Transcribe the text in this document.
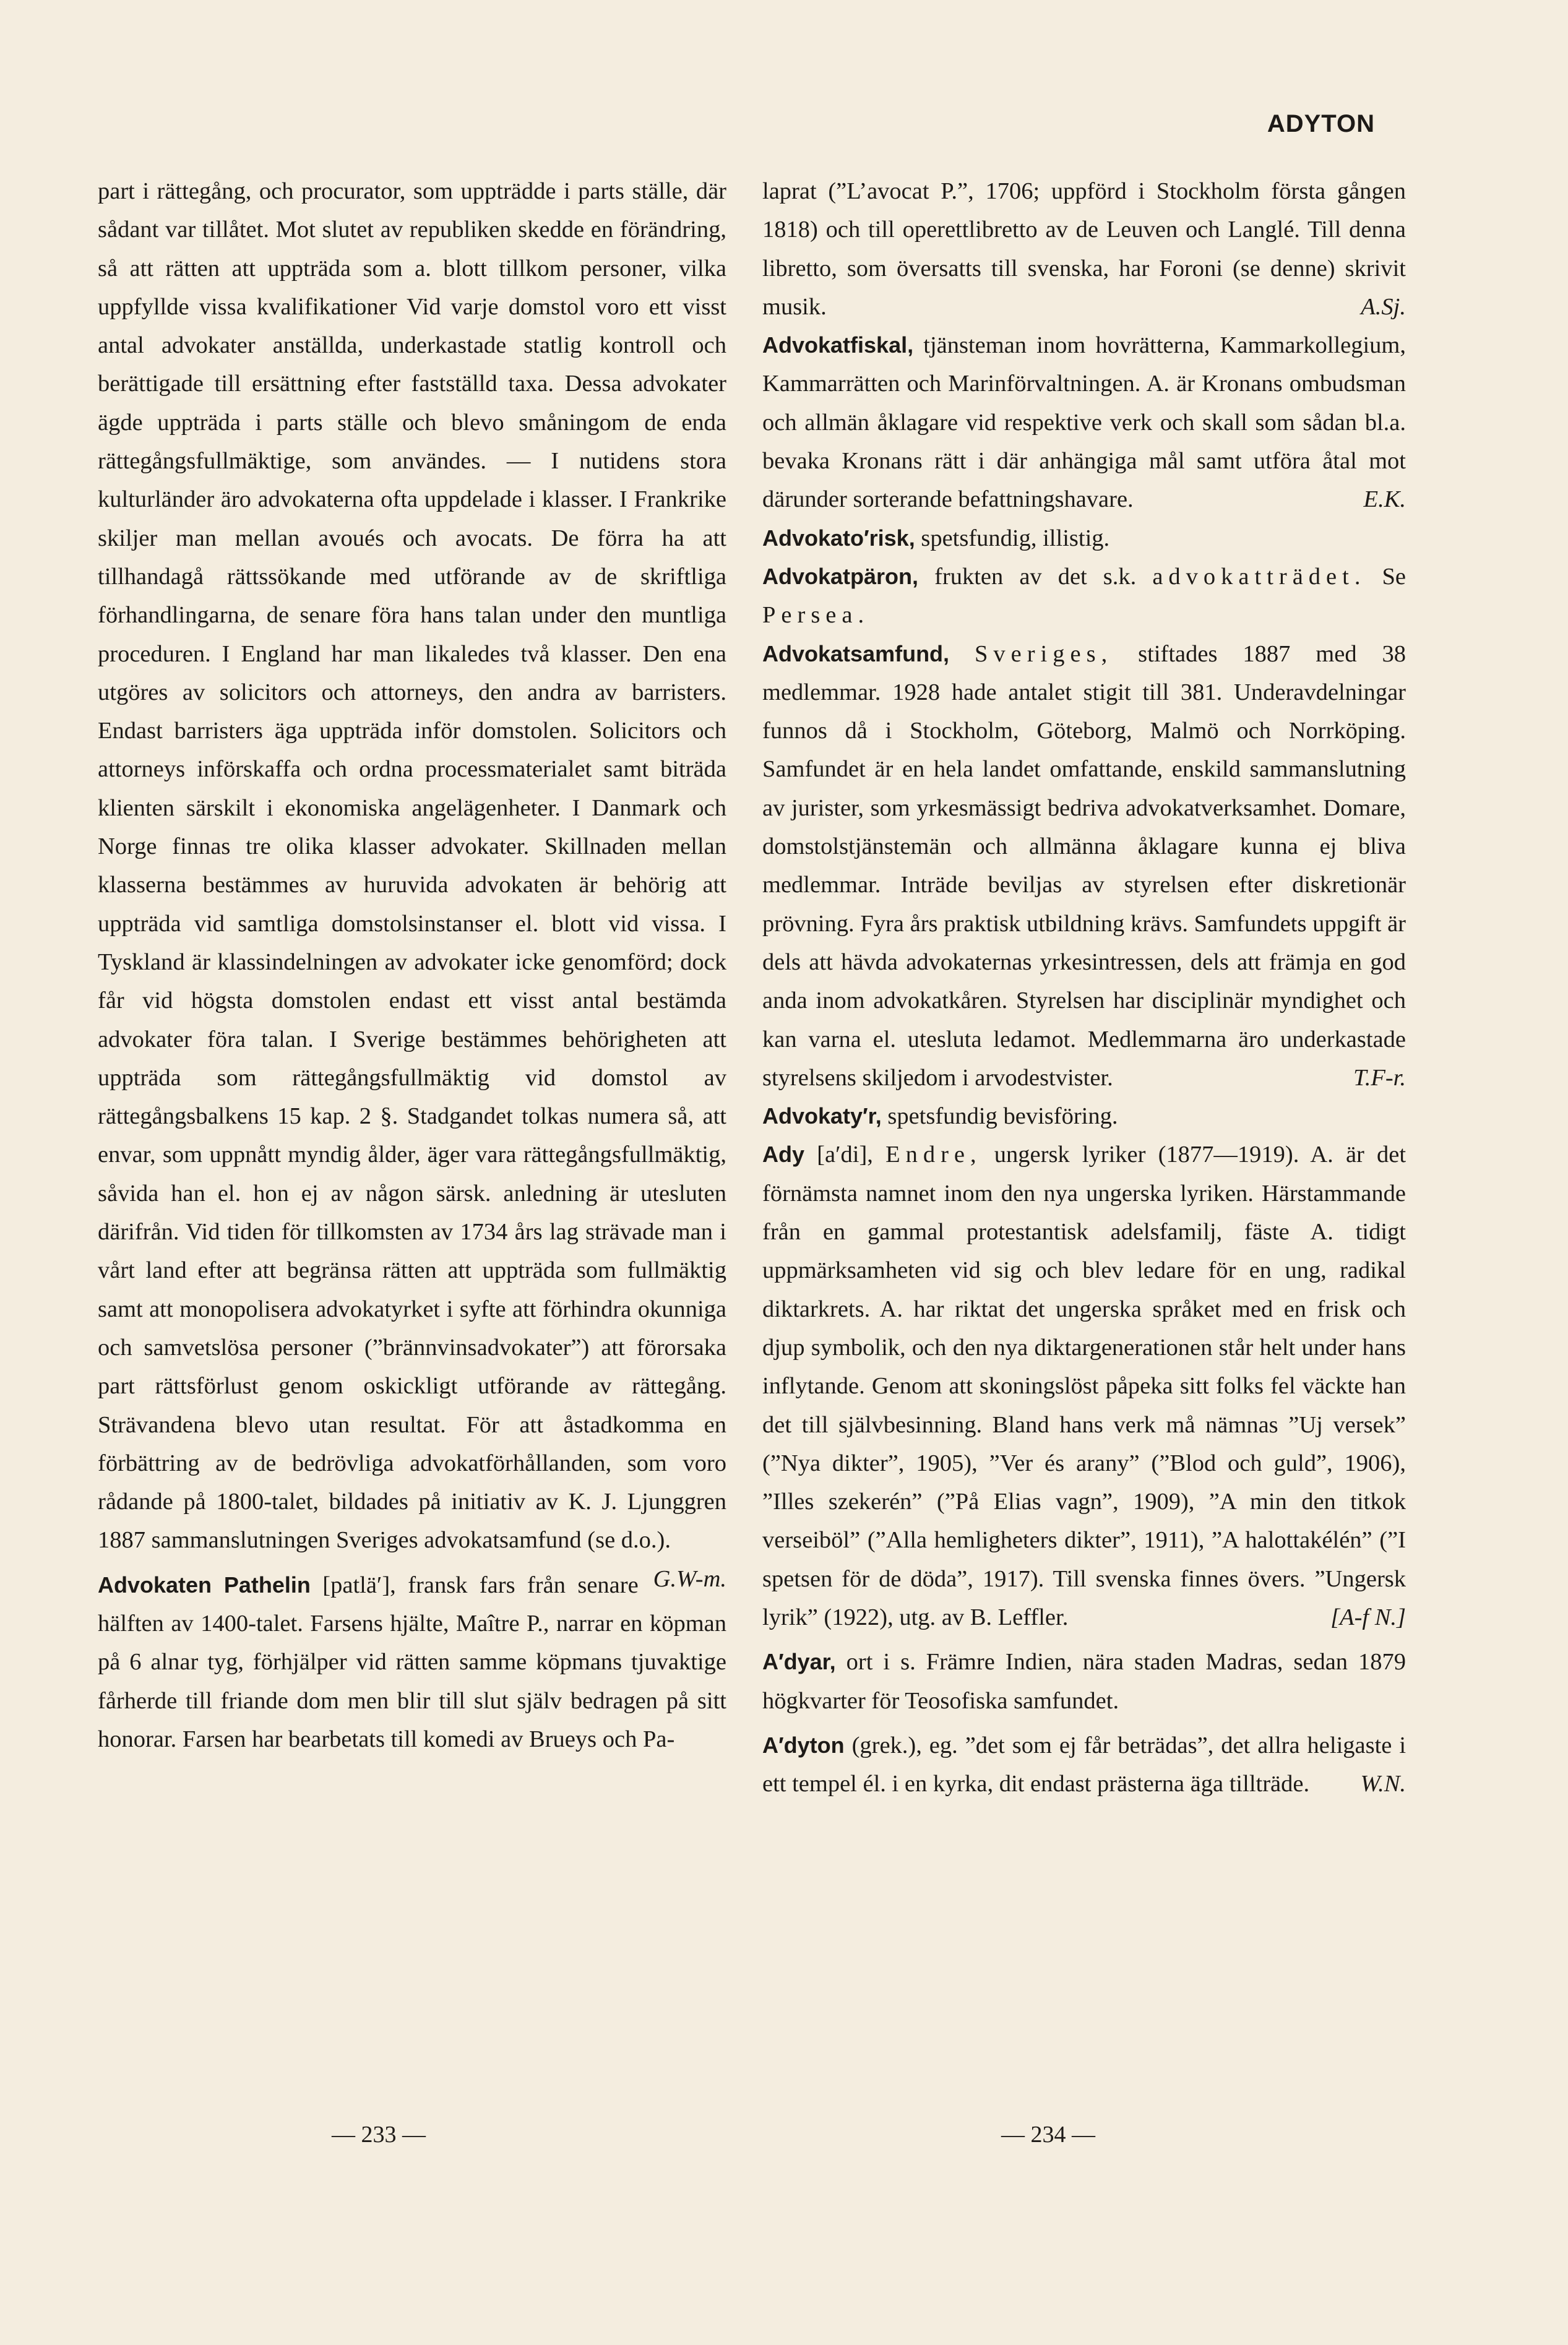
ADYTON

part i rättegång, och procurator, som uppträdde i parts ställe, där sådant var tillåtet. Mot slutet av republiken skedde en förändring, så att rätten att uppträda som a. blott tillkom personer, vilka uppfyllde vissa kvalifikationer Vid varje domstol voro ett visst antal advokater anställda, underkastade statlig kontroll och berättigade till ersättning efter fastställd taxa. Dessa advokater ägde uppträda i parts ställe och blevo småningom de enda rättegångsfullmäktige, som användes. — I nutidens stora kulturländer äro advokaterna ofta uppdelade i klasser. I Frankrike skiljer man mellan avoués och avocats. De förra ha att tillhandagå rättssökande med utförande av de skriftliga förhandlingarna, de senare föra hans talan under den muntliga proceduren. I England har man likaledes två klasser. Den ena utgöres av solicitors och attorneys, den andra av barristers. Endast barristers äga uppträda inför domstolen. Solicitors och attorneys införskaffa och ordna processmaterialet samt biträda klienten särskilt i ekonomiska angelägenheter. I Danmark och Norge finnas tre olika klasser advokater. Skillnaden mellan klasserna bestämmes av huruvida advokaten är behörig att uppträda vid samtliga domstolsinstanser el. blott vid vissa. I Tyskland är klassindelningen av advokater icke genomförd; dock får vid högsta domstolen endast ett visst antal bestämda advokater föra talan. I Sverige bestämmes behörigheten att uppträda som rättegångsfullmäktig vid domstol av rättegångsbalkens 15 kap. 2 §. Stadgandet tolkas numera så, att envar, som uppnått myndig ålder, äger vara rättegångsfullmäktig, såvida han el. hon ej av någon särsk. anledning är utesluten därifrån. Vid tiden för tillkomsten av 1734 års lag strävade man i vårt land efter att begränsa rätten att uppträda som fullmäktig samt att monopolisera advokatyrket i syfte att förhindra okunniga och samvetslösa personer (”brännvinsadvokater”) att förorsaka part rättsförlust genom oskickligt utförande av rättegång. Strävandena blevo utan resultat. För att åstadkomma en förbättring av de bedrövliga advokatförhållanden, som voro rådande på 1800-talet, bildades på initiativ av K. J. Ljunggren 1887 sammanslutningen Sveriges advokatsamfund (se d.o.).
G.W-m.

Advokaten Pathelin [patlä′], fransk fars från senare hälften av 1400-talet. Farsens hjälte, Maître P., narrar en köpman på 6 alnar tyg, förhjälper vid rätten samme köpmans tjuvaktige fårherde till friande dom men blir till slut själv bedragen på sitt honorar. Farsen har bearbetats till komedi av Brueys och Pa-

laprat (”L’avocat P.”, 1706; uppförd i Stockholm första gången 1818) och till operettlibretto av de Leuven och Langlé. Till denna libretto, som översatts till svenska, har Foroni (se denne) skrivit musik.	A.Sj.

Advokatfiskal, tjänsteman inom hovrätterna, Kammarkollegium, Kammarrätten och Marinförvaltningen. A. är Kronans ombudsman och allmän åklagare vid respektive verk och skall som sådan bl.a. bevaka Kronans rätt i där anhängiga mål samt utföra åtal mot därunder sorterande befattningshavare.	E.K.

Advokato′risk, spetsfundig, illistig.

Advokatpäron, frukten av det s.k. advokatträdet. Se Persea.

Advokatsamfund, Sveriges, stiftades 1887 med 38 medlemmar. 1928 hade antalet stigit till 381. Underavdelningar funnos då i Stockholm, Göteborg, Malmö och Norrköping. Samfundet är en hela landet omfattande, enskild sammanslutning av jurister, som yrkesmässigt bedriva advokatverksamhet. Domare, domstolstjänstemän och allmänna åklagare kunna ej bliva medlemmar. Inträde beviljas av styrelsen efter diskretionär prövning. Fyra års praktisk utbildning krävs. Samfundets uppgift är dels att hävda advokaternas yrkesintressen, dels att främja en god anda inom advokatkåren. Styrelsen har disciplinär myndighet och kan varna el. utesluta ledamot. Medlemmarna äro underkastade styrelsens skiljedom i arvodestvister.	T.F-r.

Advokaty′r, spetsfundig bevisföring.

Ady [a′di], Endre, ungersk lyriker (1877—1919). A. är det förnämsta namnet inom den nya ungerska lyriken. Härstammande från en gammal protestantisk adelsfamilj, fäste A. tidigt uppmärksamheten vid sig och blev ledare för en ung, radikal diktarkrets. A. har riktat det ungerska språket med en frisk och djup symbolik, och den nya diktargenerationen står helt under hans inflytande. Genom att skoningslöst påpeka sitt folks fel väckte han det till självbesinning. Bland hans verk må nämnas ”Uj versek” (”Nya dikter”, 1905), ”Ver és arany” (”Blod och guld”, 1906), ”Illes szekerén” (”På Elias vagn”, 1909), ”A min den titkok verseiböl” (”Alla hemligheters dikter”, 1911), ”A halottakélén” (”I spetsen för de döda”, 1917). Till svenska finnes övers. ”Ungersk lyrik” (1922), utg. av B. Leffler.	[A-f N.]

A′dyar, ort i s. Främre Indien, nära staden Madras, sedan 1879 högkvarter för Teosofiska samfundet.

A′dyton (grek.), eg. ”det som ej får beträdas”, det allra heligaste i ett tempel él. i en kyrka, dit endast prästerna äga tillträde.	W.N.

— 233 —	— 234 —
